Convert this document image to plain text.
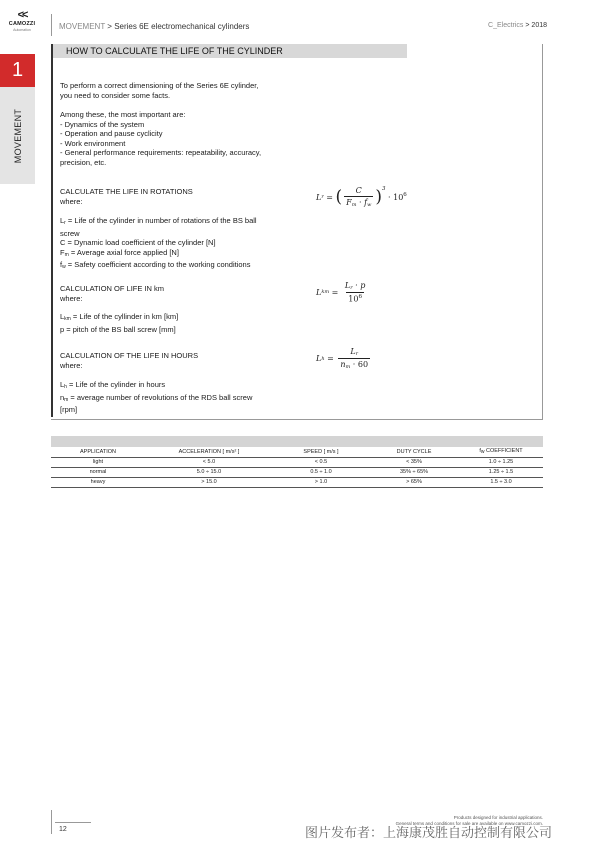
<<
CAMOZZI
Automation	MOVEMENT > Series 6E electromechanical cylinders	C_Electrics > 2018
1
MOVEMENT
HOW TO CALCULATE THE LIFE OF THE CYLINDER
To perform a correct dimensioning of the Series 6E cylinder,
you need to consider some facts.
Among these, the most important are:
- Dynamics of the system
- Operation and pause cyclicity
- Work environment
- General performance requirements: repeatability, accuracy,
precision, etc.
CALCULATE THE LIFE IN ROTATIONS
where:
$L_r$ = Life of the cylinder in number of rotations of the BS ball
screw
C = Dynamic load coefficient of the cylinder [N]
$F_m$ = Average axial force applied [N]
$f_w$ = Safety coefficient according to the working conditions
L r = ( $\frac{C}{F_m \cdot f_w} )^3$

· $10^6$
CALCULATION OF LIFE IN km
where:
$L_{km}$ = Life of the cyllinder in km [km]
p = pitch of the BS ball screw [mm]
L km = $\frac{L_r \cdot p}{10^6}$
CALCULATION OF THE LIFE IN HOURS
where:
$L_h$ = Life of the cylinder in hours
$n_m$ = average number of revolutions of the RDS ball screw
[rpm]
L $h = \frac{L_r}{n_m \cdot 60}$
APPLICATION	ACCELERATION [ m/s² ]	SPEED [ m/s ]	DUTY CYCLE	$f_w$ COEFFICIENT
light	< 5.0	< 0.5	< 35%	1.0 ÷ 1.25
normal	5.0 ÷ 15.0	0.5 ÷ 1.0	35% ÷ 65%	1.25 ÷ 1.5
heavy	> 15.0	> 1.0	> 65%	1.5 ÷ 3.0
12
Products designed for industrial applications.
General terms and conditions for sale are available on www.camozzi.com.
图片发布者：上海康茂胜自动控制有限公司
